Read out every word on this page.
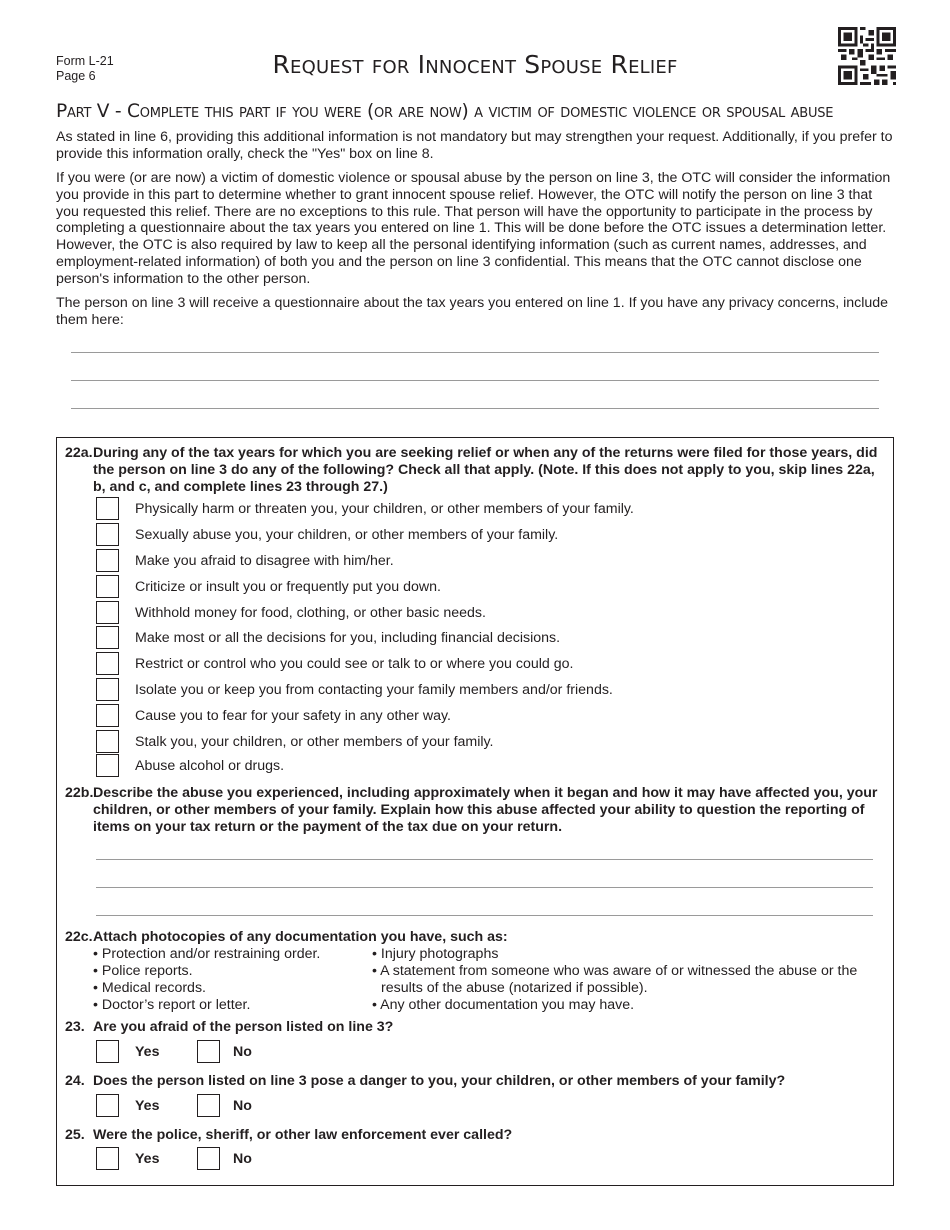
Form L-21
Page 6	Request for Innocent Spouse Relief
Part V - Complete this part if you were (or are now) a victim of domestic violence or spousal abuse
As stated in line 6, providing this additional information is not mandatory but may strengthen your request. Additionally, if you prefer to provide this information orally, check the "Yes" box on line 8.
If you were (or are now) a victim of domestic violence or spousal abuse by the person on line 3, the OTC will consider the information you provide in this part to determine whether to grant innocent spouse relief. However, the OTC will notify the person on line 3 that you requested this relief. There are no exceptions to this rule. That person will have the opportunity to participate in the process by completing a questionnaire about the tax years you entered on line 1. This will be done before the OTC issues a determination letter. However, the OTC is also required by law to keep all the personal identifying information (such as current names, addresses, and employment-related information) of both you and the person on line 3 confidential. This means that the OTC cannot disclose one person's information to the other person.
The person on line 3 will receive a questionnaire about the tax years you entered on line 1. If you have any privacy concerns, include them here:
22a. During any of the tax years for which you are seeking relief or when any of the returns were filed for those years, did the person on line 3 do any of the following? Check all that apply. (Note. If this does not apply to you, skip lines 22a, b, and c, and complete lines 23 through 27.)
Physically harm or threaten you, your children, or other members of your family.
Sexually abuse you, your children, or other members of your family.
Make you afraid to disagree with him/her.
Criticize or insult you or frequently put you down.
Withhold money for food, clothing, or other basic needs.
Make most or all the decisions for you, including financial decisions.
Restrict or control who you could see or talk to or where you could go.
Isolate you or keep you from contacting your family members and/or friends.
Cause you to fear for your safety in any other way.
Stalk you, your children, or other members of your family.
Abuse alcohol or drugs.
22b. Describe the abuse you experienced, including approximately when it began and how it may have affected you, your children, or other members of your family. Explain how this abuse affected your ability to question the reporting of items on your tax return or the payment of the tax due on your return.
22c. Attach photocopies of any documentation you have, such as:
• Protection and/or restraining order.
• Police reports.
• Medical records.
• Doctor’s report or letter.
• Injury photographs
• A statement from someone who was aware of or witnessed the abuse or the
results of the abuse (notarized if possible).
• Any other documentation you may have.
23. Are you afraid of the person listed on line 3?
Yes	No
24. Does the person listed on line 3 pose a danger to you, your children, or other members of your family?
Yes	No
25. Were the police, sheriff, or other law enforcement ever called?
Yes	No
